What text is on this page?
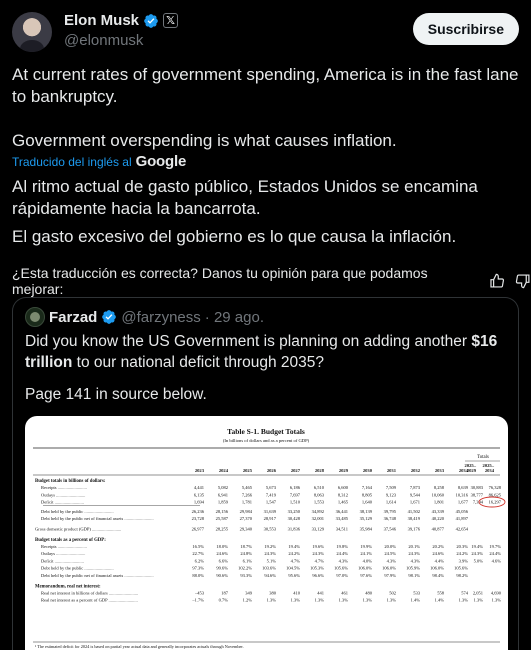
Elon Musk 𝕏
@elonmusk
Suscribirse
At current rates of government spending, America is in the fast lane to bankruptcy.
Government overspending is what causes inflation.
Traducido del inglés al Google
Al ritmo actual de gasto público, Estados Unidos se encamina rápidamente hacia la bancarrota.
El gasto excesivo del gobierno es lo que causa la inflación.
¿Esta traducción es correcta? Danos tu opinión para que podamos mejorar:
Farzad @farzyness · 29 ago.
Did you know the US Government is planning on adding another $16 trillion to our national deficit through 2035?
Page 141 in source below.
Table S-1. Budget Totals
(In billions of dollars and as a percent of GDP)
Totals
2023	2024	2025	2026	2027	2028	2029	2030	2031	2032	2033	2034
2025–
2029
2025–
2034
Budget totals in billions of dollars:
Receipts ..........................	4,441	5,082	5,465	5,673	6,186	6,510	6,600	7,164	7,509	7,873	8,258	8,639 30,883 76,328
Outlays ..........................	6,135	6,941	7,266	7,419	7,697	8,063	8,312	8,805	9,123	9,544	10,060	10,316 38,777 86,625
Deficit ..........................	1,694	1,859	1,781	1,547	1,510	1,553	1,465	1,640	1,614	1,671	1,801	1,677 7,394 16,297
Debt held by the public ..........................	26,236	28,156	29,984	31,639	33,250	34,892	36,441	38,139	39,795	41,502	43,339	45,056
Debt held by the public net of financial assets ..........................	23,728	25,587	27,370	28,917	30,428	32,001	33,485	35,129	36,748	38,419	40,220	41,897
Gross domestic product (GDP) ..........................	26,977	28,255	29,340	30,553	31,836	33,129	34,511	35,984	37,546	39,176	40,877	42,654
Budget totals as a percent of GDP:
Receipts ..........................	16.5%	18.0%	18.7%	19.2%	19.4%	19.6%	19.8%	19.9%	20.0%	20.1%	20.2%	20.3% 19.4% 19.7%
Outlays ..........................	22.7%	24.6%	24.8%	24.3%	24.2%	24.3%	24.4%	24.1%	24.5%	24.3%	24.6%	24.2% 24.3% 24.4%
Deficit ..........................	6.2%	6.6%	6.1%	5.1%	4.7%	4.7%	4.3%	4.0%	4.3%	4.3%	4.4%	3.9% 5.0% 4.6%
Debt held by the public ..........................	97.3%	99.6% 102.2% 103.6% 104.5% 105.3% 105.6% 106.0% 106.0% 105.9% 106.0% 105.6%
Debt held by the public net of financial assets ..........................	88.0%	90.6%	93.3%	94.6%	95.6%	96.6%	97.0%	97.6%	97.9%	98.1%	98.4%	98.2%
Memorandum, real net interest:
Real net interest in billions of dollars ..........................	–453	187	349	380	410	441	461	480	502	533	558	574 2,051 4,690
Real net interest as a percent of GDP ..........................	–1.7%	0.7%	1.2%	1.3%	1.3%	1.3%	1.3%	1.3%	1.3%	1.4%	1.4%	1.3% 1.3% 1.3%
¹ The estimated deficit for 2024 is based on partial year actual data and generally incorporates actuals through November.
